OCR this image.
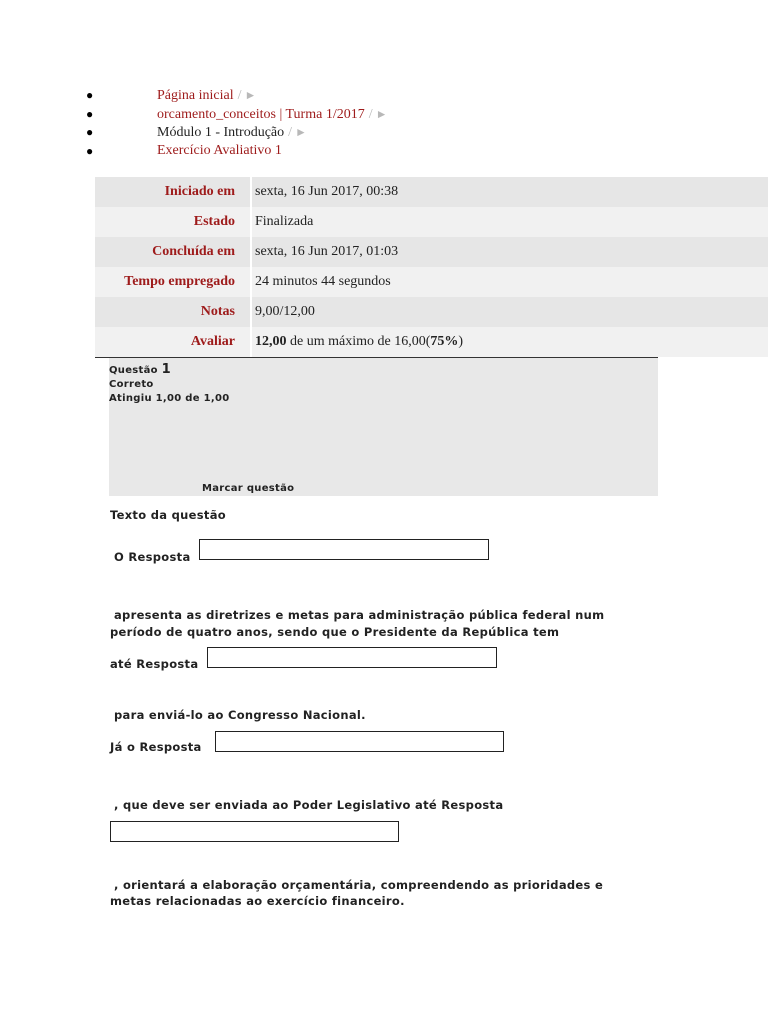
●	Página inicial / ►
●	orcamento_conceitos | Turma 1/2017 / ►
●	Módulo 1 - Introdução / ►
●	Exercício Avaliativo 1
Iniciado em	sexta, 16 Jun 2017, 00:38
Estado	Finalizada
Concluída em	sexta, 16 Jun 2017, 01:03
Tempo empregado	24 minutos 44 segundos
Notas	9,00/12,00
Avaliar	12,00 de um máximo de 16,00(75%)
Questão 1
Correto
Atingiu 1,00 de 1,00
Marcar questão
Texto da questão
O Resposta
apresenta as diretrizes e metas para administração pública federal num
período de quatro anos, sendo que o Presidente da República tem
até Resposta
para enviá-lo ao Congresso Nacional.
Já o Resposta
, que deve ser enviada ao Poder Legislativo até Resposta
, orientará a elaboração orçamentária, compreendendo as prioridades e
metas relacionadas ao exercício financeiro.
